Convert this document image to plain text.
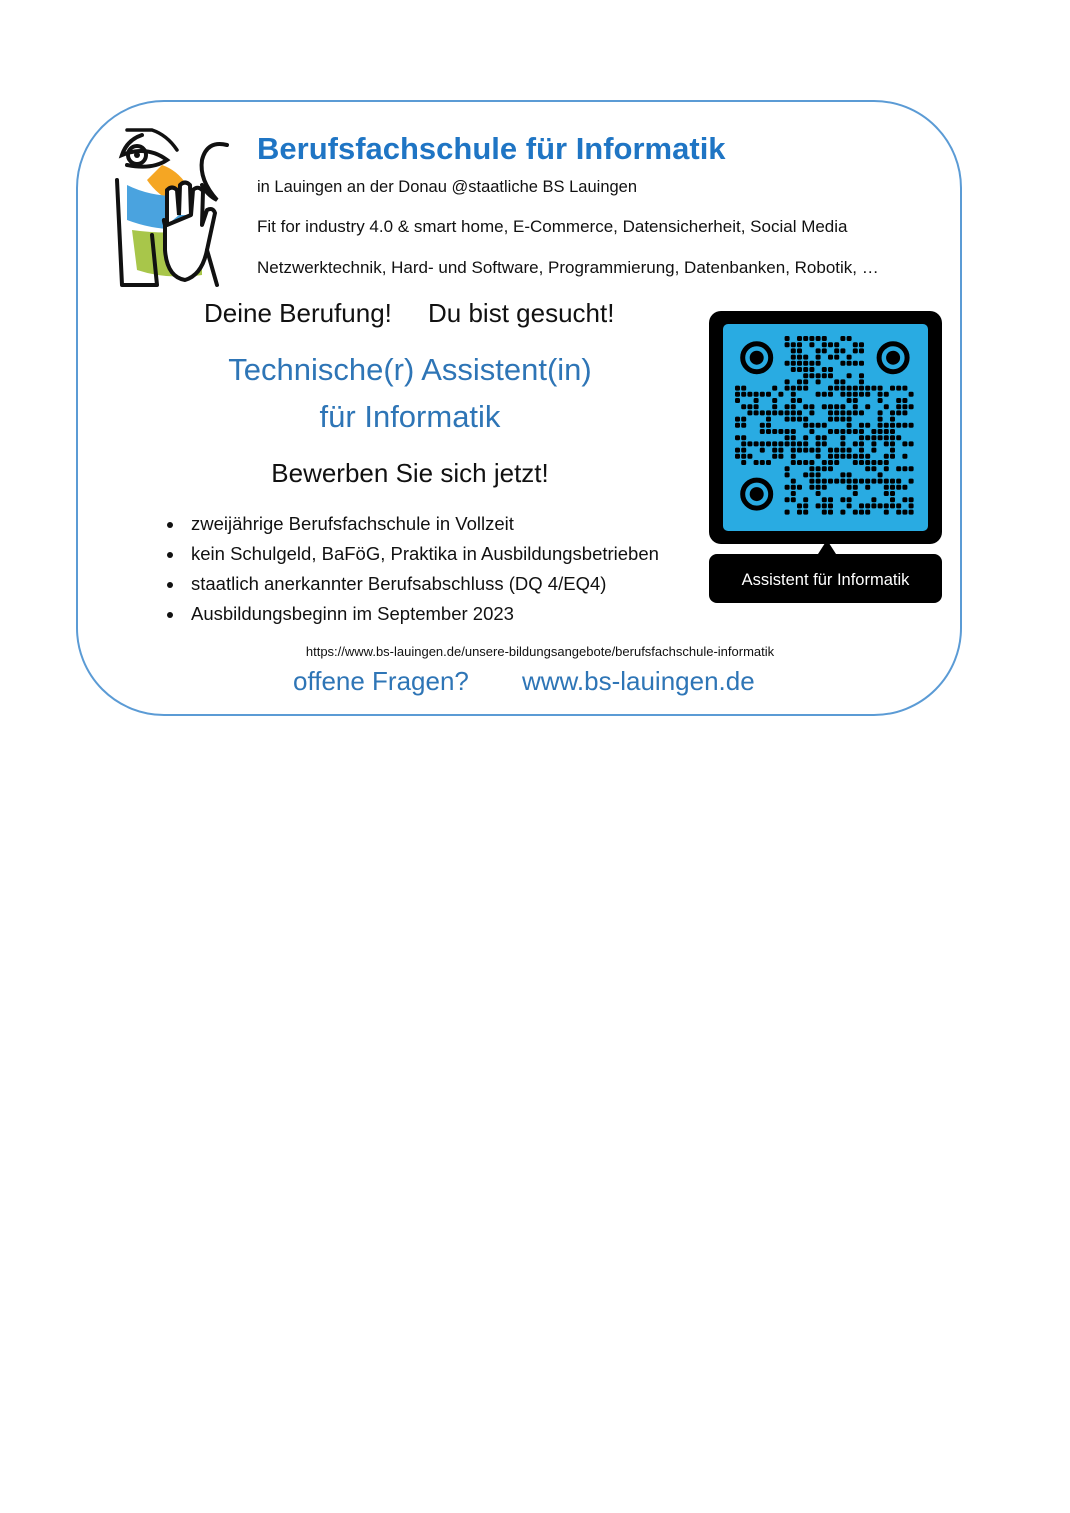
Berufsfachschule für Informatik
in Lauingen an der Donau @staatliche BS Lauingen
Fit for industry 4.0 & smart home, E-Commerce, Datensicherheit, Social Media
Netzwerktechnik, Hard- und Software, Programmierung, Datenbanken, Robotik, …
Deine Berufung! Du bist gesucht!
Technische(r) Assistent(in)
für Informatik
Bewerben Sie sich jetzt!
zweijährige Berufsfachschule in Vollzeit
kein Schulgeld, BaFöG, Praktika in Ausbildungsbetrieben
staatlich anerkannter Berufsabschluss (DQ 4/EQ4)
Ausbildungsbeginn im September 2023
Assistent für Informatik
https://www.bs-lauingen.de/unsere-bildungsangebote/berufsfachschule-informatik
offene Fragen? www.bs-lauingen.de
